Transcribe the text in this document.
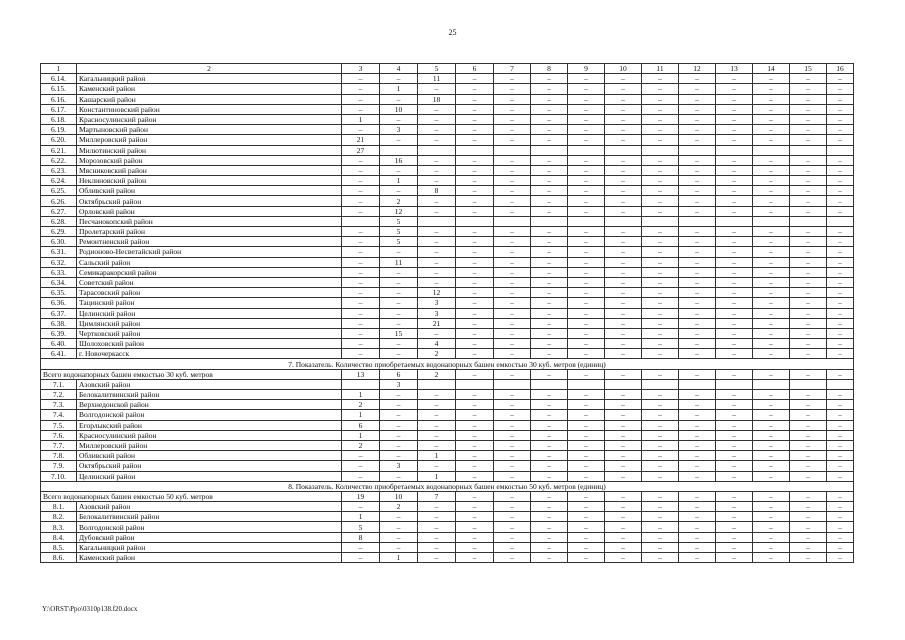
25
1	2	3	4	5	6	7	8	9	10	11	12	13	14	15	16
6.14.	Кагальницкий район	–	–	11	–	–	–	–	–	–	–	–	–	–	–
6.15.	Каменский район	–	1	–	–	–	–	–	–	–	–	–	–	–	–
6.16.	Кашарский район	–	–	18	–	–	–	–	–	–	–	–	–	–	–
6.17.	Константиновский район	–	10	–	–	–	–	–	–	–	–	–	–	–	–
6.18.	Красносулинский район	1	–	–	–	–	–	–	–	–	–	–	–	–	–
6.19.	Мартыновский район	–	3	–	–	–	–	–	–	–	–	–	–	–	–
6.20.	Миллеровский район	21	–	–	–	–	–	–	–	–	–	–	–	–	–
6.21.	Милютинский район	27													
6.22.	Морозовский район	–	16	–	–	–	–	–	–	–	–	–	–	–	–
6.23.	Мясниковский район	–	–	–	–	–	–	–	–	–	–	–	–	–	–
6.24.	Неклиновский район	–	1	–	–	–	–	–	–	–	–	–	–	–	–
6.25.	Обливский район	–	–	8	–	–	–	–	–	–	–	–	–	–	–
6.26.	Октябрьский район	–	2	–	–	–	–	–	–	–	–	–	–	–	–
6.27.	Орловский район	–	12	–	–	–	–	–	–	–	–	–	–	–	–
6.28.	Песчанокопский район		5												
6.29.	Пролетарский район	–	5	–	–	–	–	–	–	–	–	–	–	–	–
6.30.	Ремонтненский район	–	5	–	–	–	–	–	–	–	–	–	–	–	–
6.31.	Родионово-Несветайский район	–	–	–	–	–	–	–	–	–	–	–	–	–	–
6.32.	Сальский район	–	11	–	–	–	–	–	–	–	–	–	–	–	–
6.33.	Семикаракорский район	–	–	–	–	–	–	–	–	–	–	–	–	–	–
6.34.	Советский район	–	–	–	–	–	–	–	–	–	–	–	–	–	–
6.35.	Тарасовский район	–	–	12	–	–	–	–	–	–	–	–	–	–	–
6.36.	Тацинский район	–	–	3	–	–	–	–	–	–	–	–	–	–	–
6.37.	Целинский район	–	–	3	–	–	–	–	–	–	–	–	–	–	–
6.38.	Цимлянский район	–	–	21	–	–	–	–	–	–	–	–	–	–	–
6.39.	Чертковский район	–	15	–	–	–	–	–	–	–	–	–	–	–	–
6.40.	Шолоховский район	–	–	4	–	–	–	–	–	–	–	–	–	–	–
6.41.	г. Новочеркасск	–	–	2	–	–	–	–	–	–	–	–	–	–	–
7. Показатель. Количество приобретаемых водонапорных башен емкостью 30 куб. метров (единиц)															
Всего водонапорных башен емкостью 30 куб. метров		13	6	2	–	–	–	–	–	–	–	–	–	–	–
7.1.	Азовский район		3												
7.2.	Белокалитвинский район	1	–	–	–	–	–	–	–	–	–	–	–	–	–
7.3.	Верхнедонской район	2	–	–	–	–	–	–	–	–	–	–	–	–	–
7.4.	Волгодонской район	1	–	–	–	–	–	–	–	–	–	–	–	–	–
7.5.	Егорлыкский район	6	–	–	–	–	–	–	–	–	–	–	–	–	–
7.6.	Красносулинский район	1	–	–	–	–	–	–	–	–	–	–	–	–	–
7.7.	Миллеровский район	2	–	–	–	–	–	–	–	–	–	–	–	–	–
7.8.	Обливский район	–	–	1	–	–	–	–	–	–	–	–	–	–	–
7.9.	Октябрьский район	–	3	–	–	–	–	–	–	–	–	–	–	–	–
7.10.	Целинский район	–	–	1	–	–	–	–	–	–	–	–	–	–	–
8. Показатель. Количество приобретаемых водонапорных башен емкостью 50 куб. метров (единиц)															
Всего водонапорных башен емкостью 50 куб. метров		19	10	7	–	–	–	–	–	–	–	–	–	–	–
8.1.	Азовский район	–	2	–	–	–	–	–	–	–	–	–	–	–	–
8.2.	Белокалитвинский район	1	–	–	–	–	–	–	–	–	–	–	–	–	–
8.3.	Волгодонской район	5	–	–	–	–	–	–	–	–	–	–	–	–	–
8.4.	Дубовский район	8	–	–	–	–	–	–	–	–	–	–	–	–	–
8.5.	Кагальницкий район	–	–	–	–	–	–	–	–	–	–	–	–	–	–
8.6.	Каменский район	–	1	–	–	–	–	–	–	–	–	–	–	–	–
Y:\ORST\Ppo\0310p138.f20.docx
